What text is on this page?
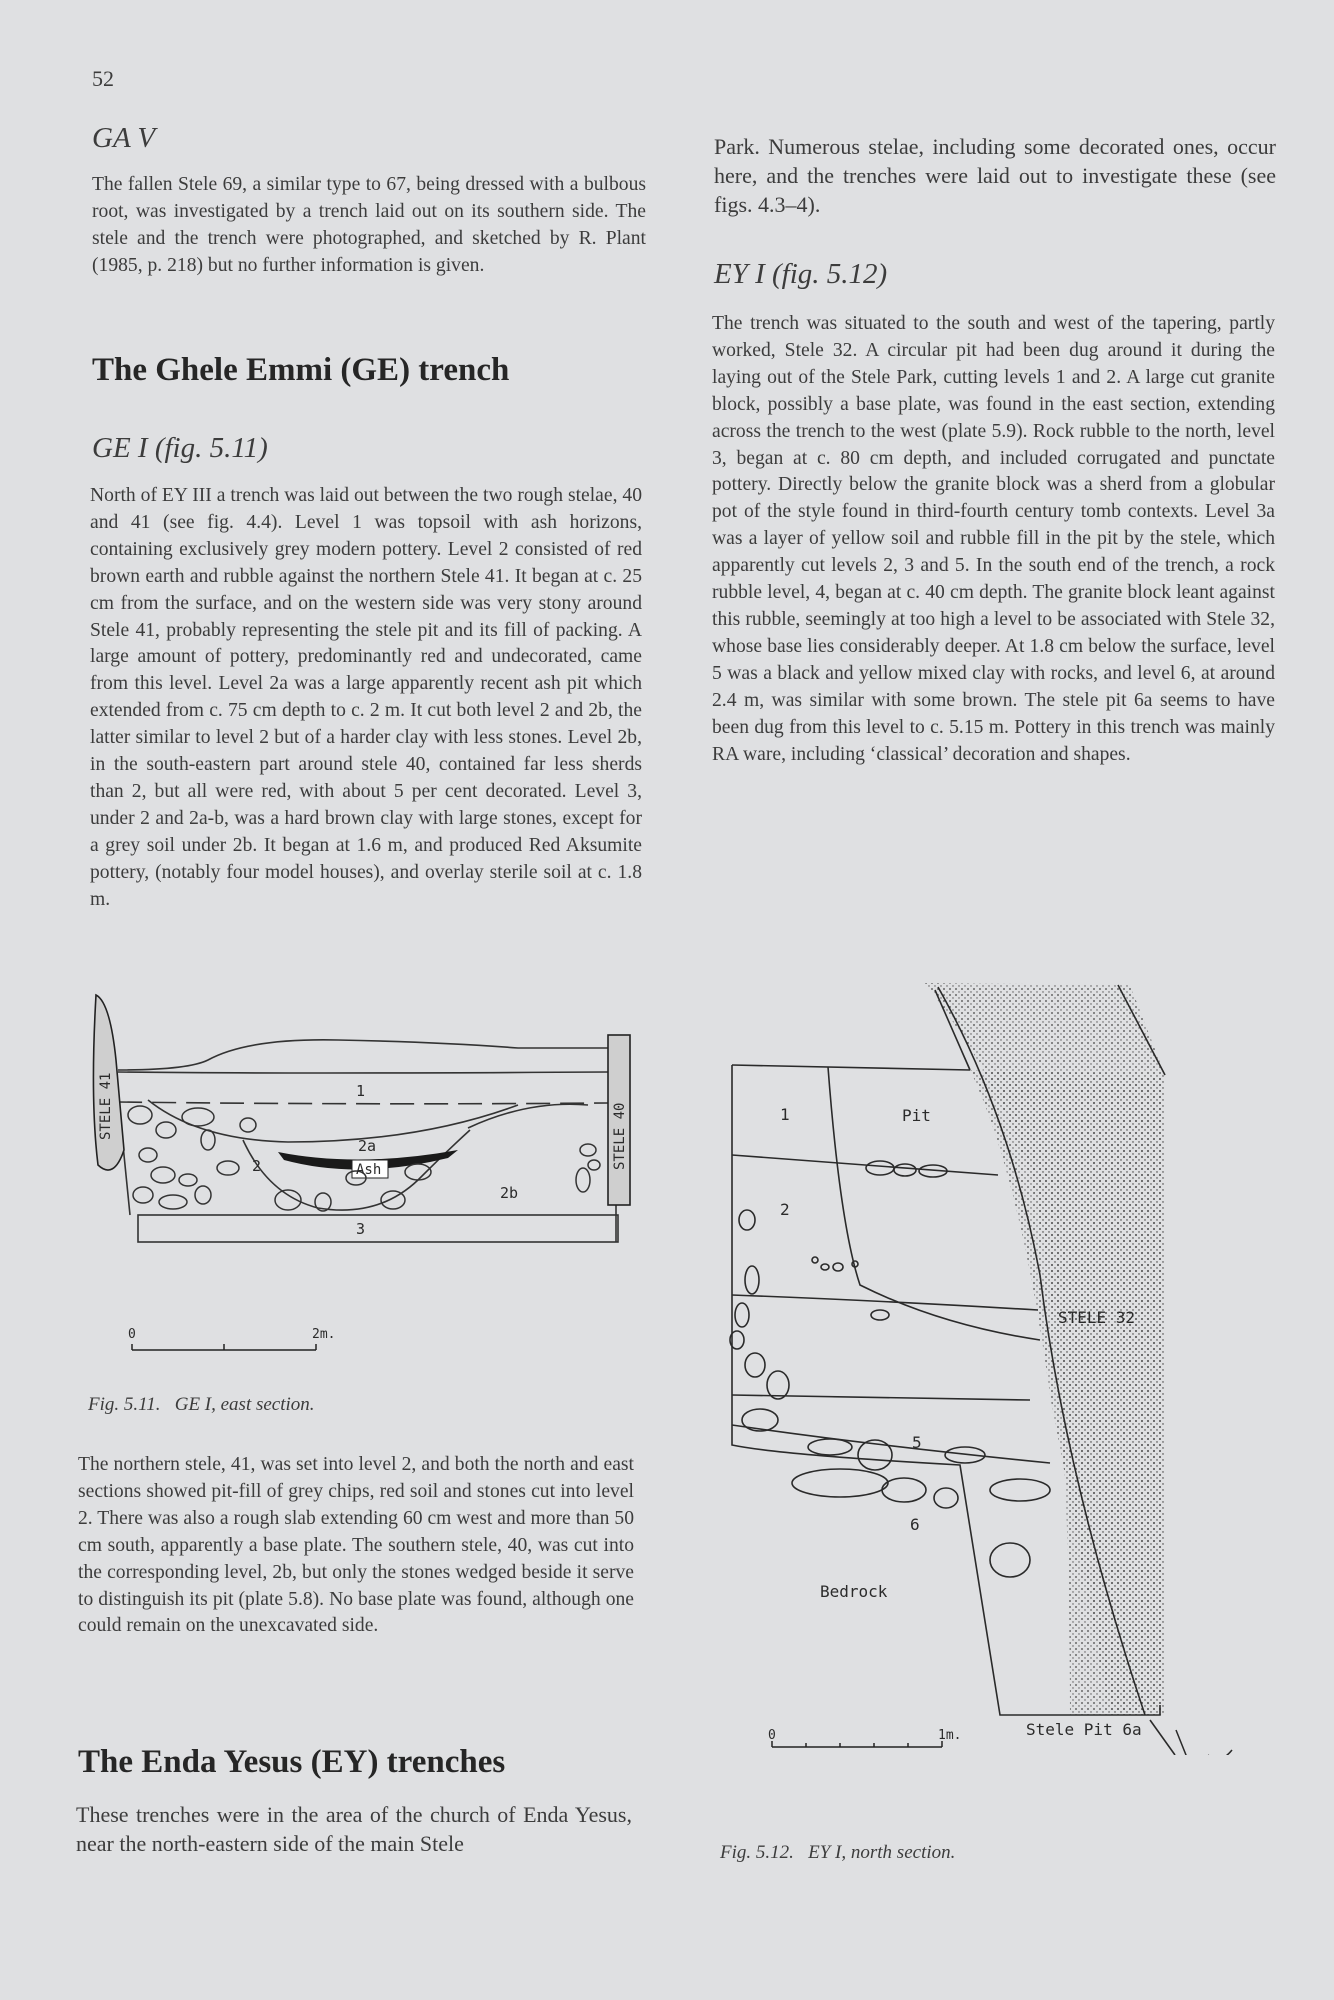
52
GA V

The fallen Stele 69, a similar type to 67, being dressed with a bulbous root, was investigated by a trench laid out on its southern side. The stele and the trench were photographed, and sketched by R. Plant (1985, p. 218) but no further information is given.

The Ghele Emmi (GE) trench
GE I (fig. 5.11)

North of EY III a trench was laid out between the two rough stelae, 40 and 41 (see fig. 4.4). Level 1 was topsoil with ash horizons, containing exclusively grey modern pottery. Level 2 consisted of red brown earth and rubble against the northern Stele 41. It began at c. 25 cm from the surface, and on the western side was very stony around Stele 41, probably representing the stele pit and its fill of packing. A large amount of pottery, predominantly red and undecorated, came from this level. Level 2a was a large apparently recent ash pit which extended from c. 75 cm depth to c. 2 m. It cut both level 2 and 2b, the latter similar to level 2 but of a harder clay with less stones. Level 2b, in the south-eastern part around stele 40, contained far less sherds than 2, but all were red, with about 5 per cent decorated. Level 3, under 2 and 2a-b, was a hard brown clay with large stones, except for a grey soil under 2b. It began at 1.6 m, and produced Red Aksumite pottery, (notably four model houses), and overlay sterile soil at c. 1.8 m.

STELE 41	STELE 40
1
2
2a
Ash
2b
3
0	2m.

Fig. 5.11.   GE I, east section.

The northern stele, 41, was set into level 2, and both the north and east sections showed pit-fill of grey chips, red soil and stones cut into level 2. There was also a rough slab extending 60 cm west and more than 50 cm south, apparently a base plate. The southern stele, 40, was cut into the corresponding level, 2b, but only the stones wedged beside it serve to distinguish its pit (plate 5.8). No base plate was found, although one could remain on the unexcavated side.

The Enda Yesus (EY) trenches

These trenches were in the area of the church of Enda Yesus, near the north-eastern side of the main Stele

Park. Numerous stelae, including some decorated ones, occur here, and the trenches were laid out to investigate these (see figs. 4.3–4).

EY I (fig. 5.12)

The trench was situated to the south and west of the tapering, partly worked, Stele 32. A circular pit had been dug around it during the laying out of the Stele Park, cutting levels 1 and 2. A large cut granite block, possibly a base plate, was found in the east section, extending across the trench to the west (plate 5.9). Rock rubble to the north, level 3, began at c. 80 cm depth, and included corrugated and punctate pottery. Directly below the granite block was a sherd from a globular pot of the style found in third-fourth century tomb contexts. Level 3a was a layer of yellow soil and rubble fill in the pit by the stele, which apparently cut levels 2, 3 and 5. In the south end of the trench, a rock rubble level, 4, began at c. 40 cm depth. The granite block leant against this rubble, seemingly at too high a level to be associated with Stele 32, whose base lies considerably deeper. At 1.8 cm below the surface, level 5 was a black and yellow mixed clay with rocks, and level 6, at around 2.4 m, was similar with some brown. The stele pit 6a seems to have been dug from this level to c. 5.15 m. Pottery in this trench was mainly RA ware, including ‘classical’ decoration and shapes.

1	Pit
2
STELE 32
5
6
Bedrock
Stele Pit 6a
0	1m.

Fig. 5.12.   EY I, north section.
